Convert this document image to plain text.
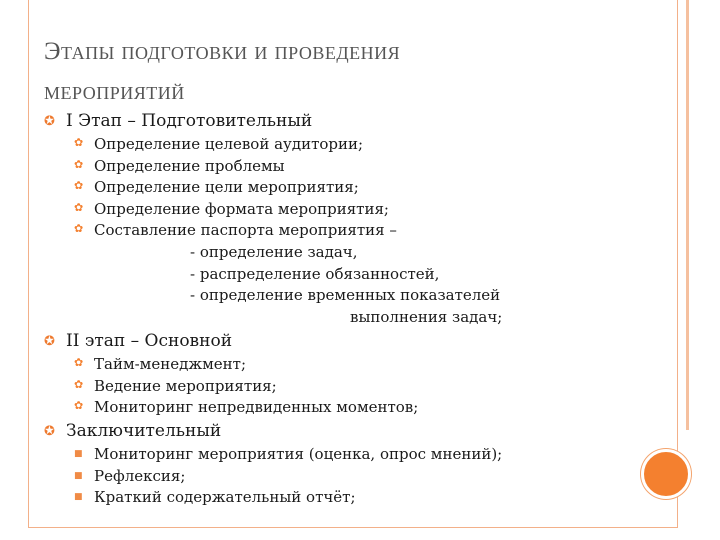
Этапы подготовки и проведения
мероприятий
✪ I Этап – Подготовительный
✿ Определение целевой аудитории;
✿ Определение проблемы
✿ Определение цели мероприятия;
✿ Определение формата мероприятия;
✿ Составление паспорта мероприятия –
- определение задач,
- распределение обязанностей,
- определение временных показателей
выполнения задач;
✪ II этап – Основной
✿ Тайм-менеджмент;
✿ Ведение мероприятия;
✿ Мониторинг непредвиденных моментов;
✪ Заключительный
■ Мониторинг мероприятия (оценка, опрос мнений);
■ Рефлексия;
■ Краткий содержательный отчёт;
